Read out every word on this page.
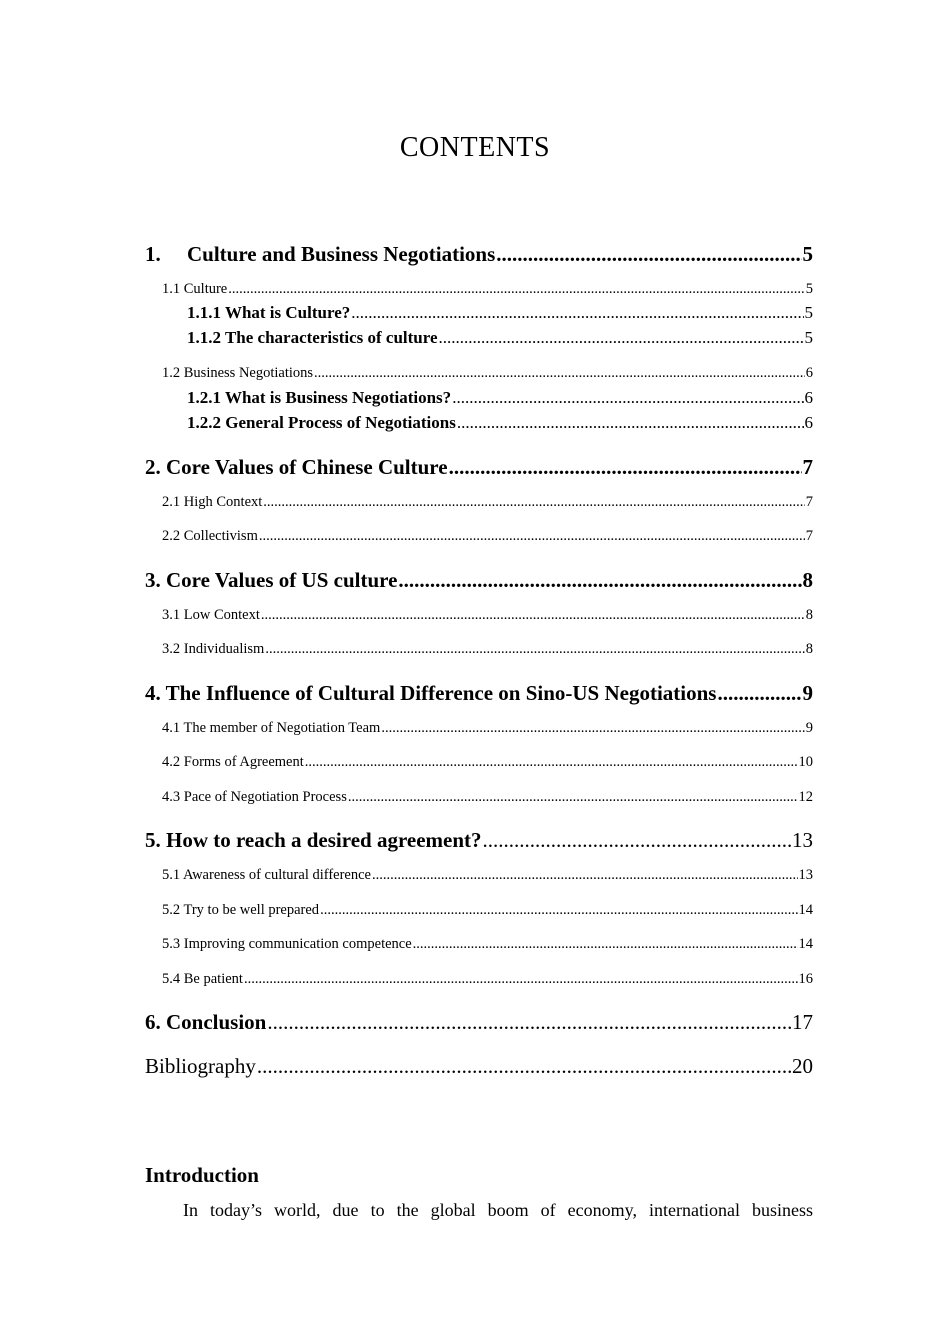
CONTENTS
1. Culture and Business Negotiations .....	5
1.1 Culture .....	5
1.1.1 What is Culture? .....	5
1.1.2 The characteristics of culture .....	5
1.2 Business Negotiations .....	6
1.2.1 What is Business Negotiations? .....	6
1.2.2 General Process of Negotiations .....	6
2. Core Values of Chinese Culture .....	7
2.1 High Context .....	7
2.2 Collectivism .....	7
3. Core Values of US culture .....	8
3.1 Low Context .....	8
3.2 Individualism .....	8
4. The Influence of Cultural Difference on Sino-US Negotiations .....	9
4.1 The member of Negotiation Team .....	9
4.2 Forms of Agreement .....	10
4.3 Pace of Negotiation Process .....	12
5. How to reach a desired agreement? .....	13
5.1 Awareness of cultural difference .....	13
5.2 Try to be well prepared .....	14
5.3 Improving communication competence .....	14
5.4 Be patient .....	16
6. Conclusion .....	17
Bibliography .....	20
Introduction
In today’s world, due to the global boom of economy, international business
